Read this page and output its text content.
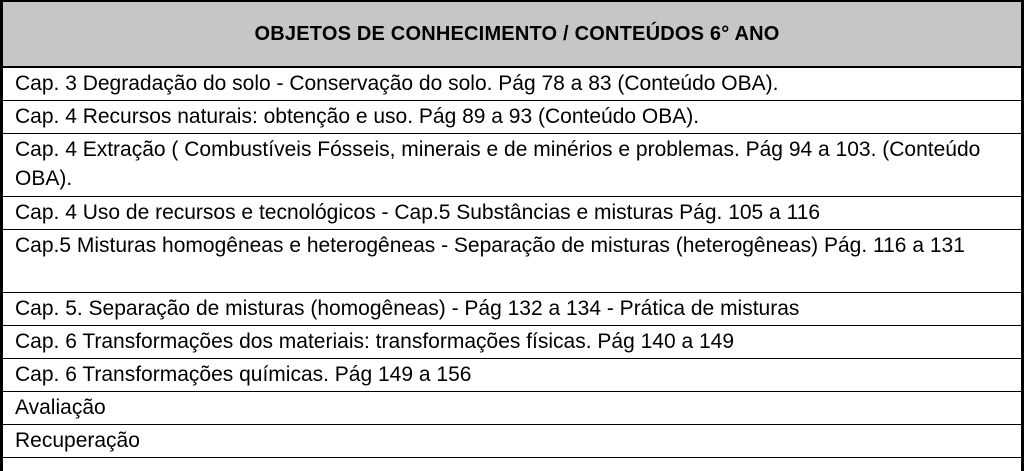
OBJETOS DE CONHECIMENTO / CONTEÚDOS 6° ANO
Cap. 3 Degradação do solo - Conservação do solo. Pág 78 a 83 (Conteúdo OBA).
Cap. 4 Recursos naturais: obtenção e uso. Pág 89 a 93 (Conteúdo OBA).
Cap. 4 Extração ( Combustíveis Fósseis, minerais e de minérios e problemas. Pág 94 a 103. (Conteúdo OBA).
Cap. 4 Uso de recursos e tecnológicos - Cap.5 Substâncias e misturas Pág. 105 a 116
Cap.5 Misturas homogêneas e heterogêneas - Separação de misturas (heterogêneas) Pág. 116 a 131
Cap. 5. Separação de misturas (homogêneas) - Pág 132 a 134 - Prática de misturas
Cap. 6 Transformações dos materiais: transformações físicas. Pág 140 a 149
Cap. 6 Transformações químicas. Pág 149 a 156
Avaliação
Recuperação
